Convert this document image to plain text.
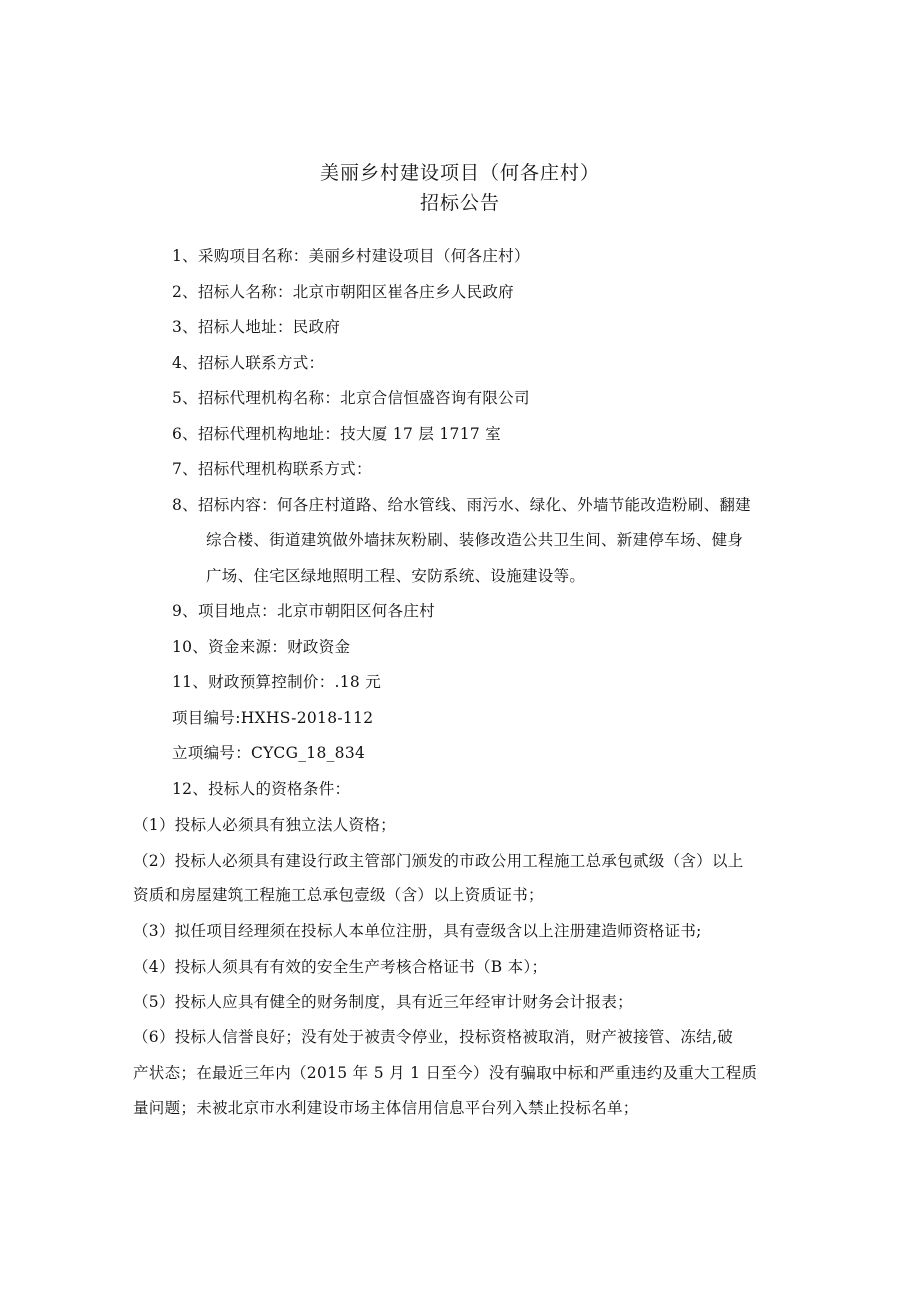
美丽乡村建设项目（何各庄村）
招标公告
1、采购项目名称：美丽乡村建设项目（何各庄村）
2、招标人名称：北京市朝阳区崔各庄乡人民政府
3、招标人地址：民政府
4、招标人联系方式：
5、招标代理机构名称：北京合信恒盛咨询有限公司
6、招标代理机构地址：技大厦 17 层 1717 室
7、招标代理机构联系方式：
8、招标内容：何各庄村道路、给水管线、雨污水、绿化、外墙节能改造粉刷、翻建
综合楼、街道建筑做外墙抹灰粉刷、装修改造公共卫生间、新建停车场、健身
广场、住宅区绿地照明工程、安防系统、设施建设等。
9、项目地点：北京市朝阳区何各庄村
10、资金来源：财政资金
11、财政预算控制价：.18 元
项目编号:HXHS-2018-112
立项编号：CYCG_18_834
12、投标人的资格条件：
（1）投标人必须具有独立法人资格；
（2）投标人必须具有建设行政主管部门颁发的市政公用工程施工总承包贰级（含）以上
资质和房屋建筑工程施工总承包壹级（含）以上资质证书；
（3）拟任项目经理须在投标人本单位注册，具有壹级含以上注册建造师资格证书;
（4）投标人须具有有效的安全生产考核合格证书（B 本）；
（5）投标人应具有健全的财务制度，具有近三年经审计财务会计报表；
（6）投标人信誉良好；没有处于被责令停业，投标资格被取消，财产被接管、冻结,破
产状态；在最近三年内（2015 年 5 月 1 日至今）没有骗取中标和严重违约及重大工程质
量问题；未被北京市水利建设市场主体信用信息平台列入禁止投标名单；
